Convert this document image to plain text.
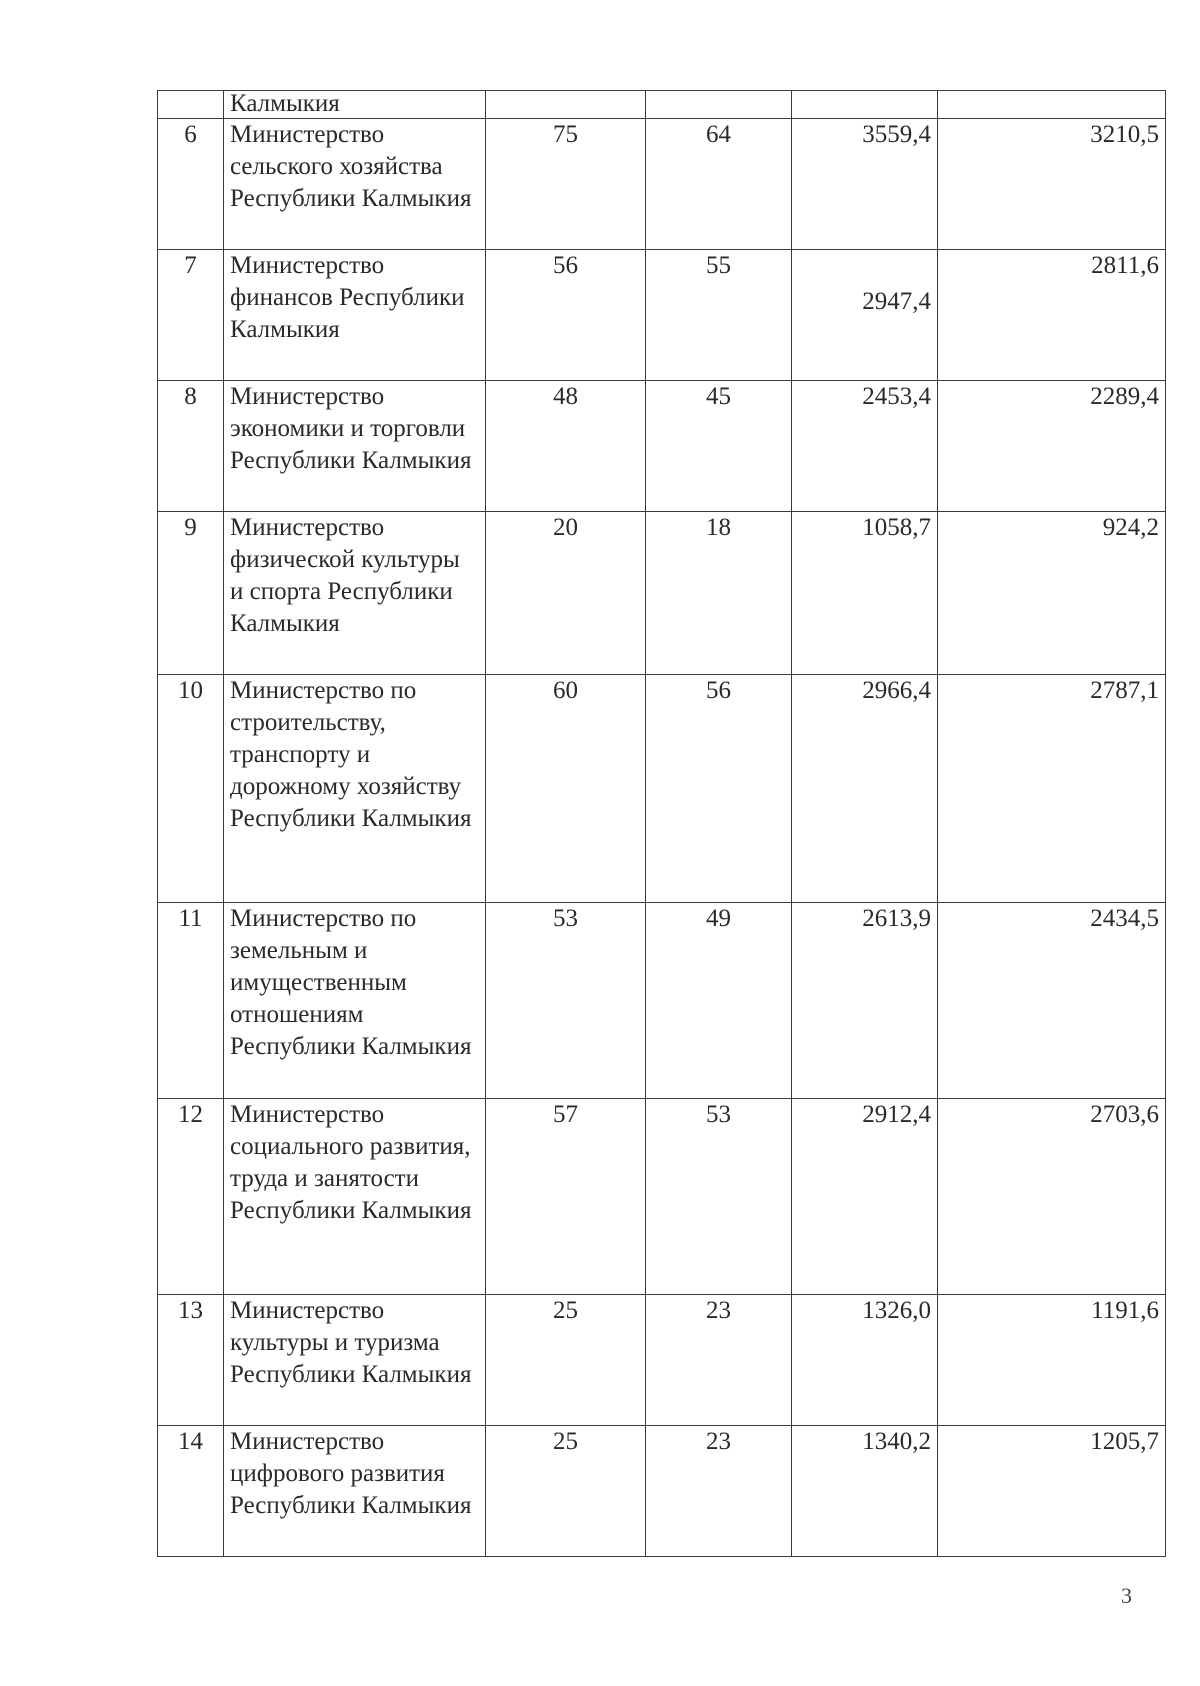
	Калмыкия				
6	Министерство сельского хозяйства Республики Калмыкия	75	64	3559,4	3210,5
7	Министерство финансов Республики Калмыкия	56	55	2947,4	2811,6
8	Министерство экономики и торговли Республики Калмыкия	48	45	2453,4	2289,4
9	Министерство физической культуры и спорта Республики Калмыкия	20	18	1058,7	924,2
10	Министерство по строительству, транспорту и дорожному хозяйству Республики Калмыкия	60	56	2966,4	2787,1
11	Министерство по земельным и имущественным отношениям Республики Калмыкия	53	49	2613,9	2434,5
12	Министерство социального развития, труда и занятости Республики Калмыкия	57	53	2912,4	2703,6
13	Министерство культуры и туризма Республики Калмыкия	25	23	1326,0	1191,6
14	Министерство цифрового развития Республики Калмыкия	25	23	1340,2	1205,7
3
